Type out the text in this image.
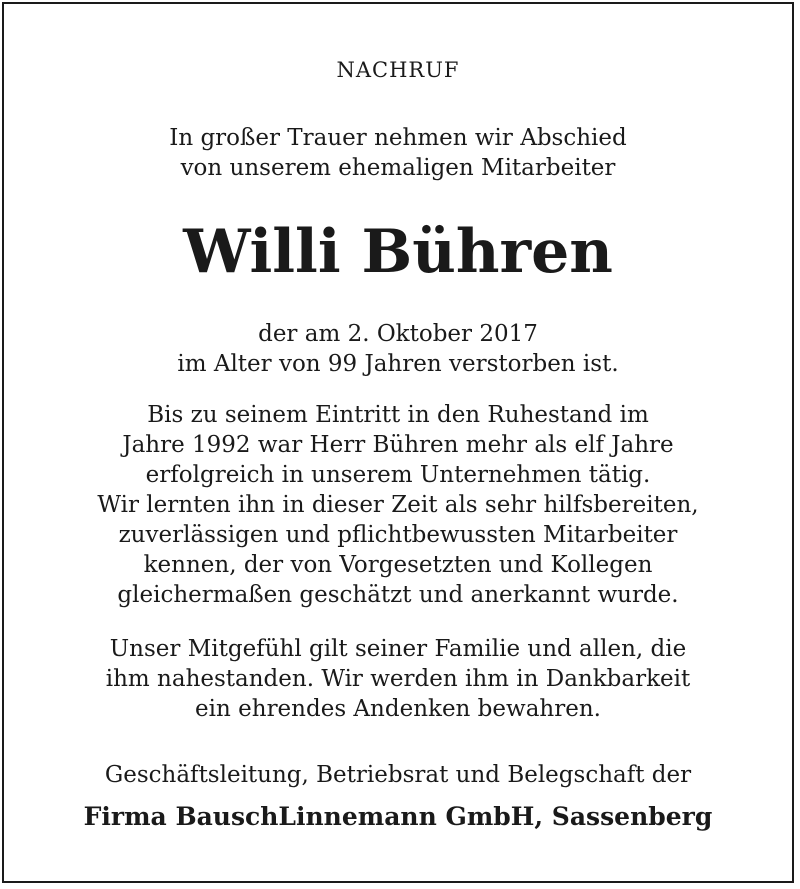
NACHRUF
In großer Trauer nehmen wir Abschied
von unserem ehemaligen Mitarbeiter
Willi Bühren
der am 2. Oktober 2017
im Alter von 99 Jahren verstorben ist.
Bis zu seinem Eintritt in den Ruhestand im
Jahre 1992 war Herr Bühren mehr als elf Jahre
erfolgreich in unserem Unternehmen tätig.
Wir lernten ihn in dieser Zeit als sehr hilfsbereiten,
zuverlässigen und pflichtbewussten Mitarbeiter
kennen, der von Vorgesetzten und Kollegen
gleichermaßen geschätzt und anerkannt wurde.
Unser Mitgefühl gilt seiner Familie und allen, die
ihm nahestanden. Wir werden ihm in Dankbarkeit
ein ehrendes Andenken bewahren.
Geschäftsleitung, Betriebsrat und Belegschaft der
Firma BauschLinnemann GmbH, Sassenberg
